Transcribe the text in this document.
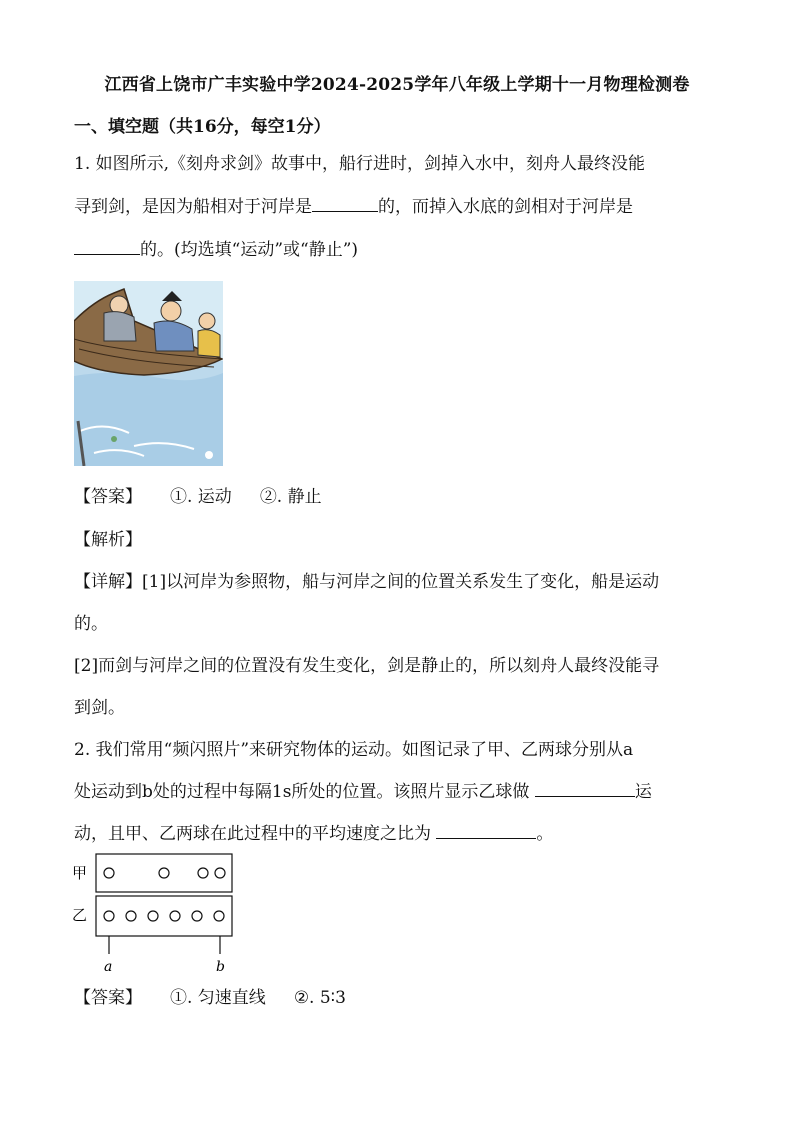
江西省上饶市广丰实验中学2024-2025学年八年级上学期十一月物理检测卷
一、填空题（共16分，每空1分）
1. 如图所示,《刻舟求剑》故事中，船行进时，剑掉入水中，刻舟人最终没能
寻到剑，是因为船相对于河岸是	的，而掉入水底的剑相对于河岸是
的。(均选填“运动”或“静止”)
【答案】 ①. 运动 ②. 静止
【解析】
【详解】[1]以河岸为参照物，船与河岸之间的位置关系发生了变化，船是运动
的。
[2]而剑与河岸之间的位置没有发生变化，剑是静止的，所以刻舟人最终没能寻
到剑。
2. 我们常用“频闪照片”来研究物体的运动。如图记录了甲、乙两球分别从a
处运动到b处的过程中每隔1s所处的位置。该照片显示乙球做	运
动，且甲、乙两球在此过程中的平均速度之比为	。
甲
乙
a	b
【答案】 ①. 匀速直线 ②. 5∶3
